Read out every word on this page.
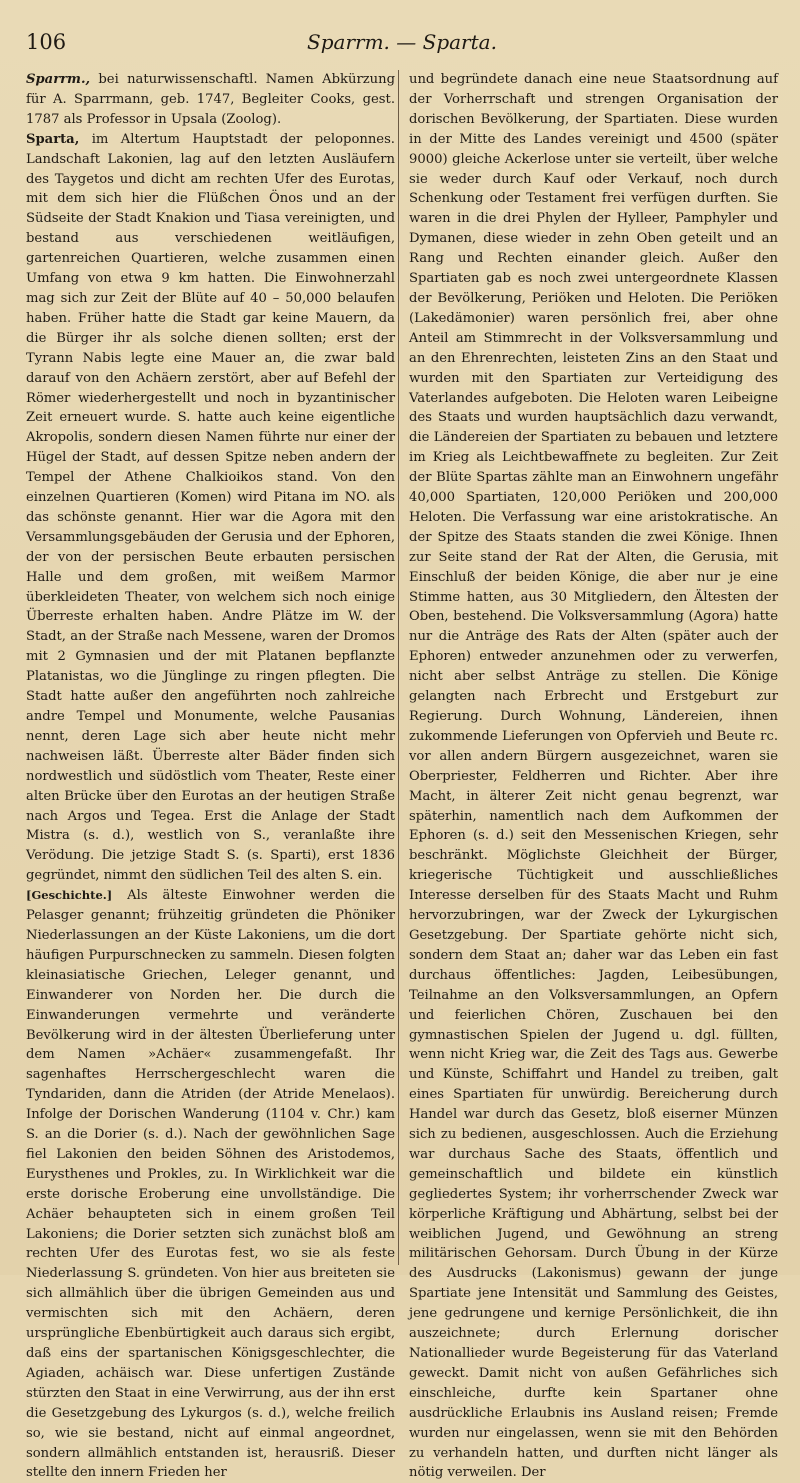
106	Sparrm. — Sparta.

Sparrm., bei naturwissenschaftl. Namen Abkürzung für A. Sparrmann, geb. 1747, Begleiter Cooks, gest. 1787 als Professor in Upsala (Zoolog).

Sparta, im Altertum Hauptstadt der peloponnes. Landschaft Lakonien, lag auf den letzten Ausläufern des Taygetos und dicht am rechten Ufer des Eurotas, mit dem sich hier die Flüßchen Önos und an der Südseite der Stadt Knakion und Tiasa vereinigten, und bestand aus verschiedenen weitläufigen, gartenreichen Quartieren, welche zusammen einen Umfang von etwa 9 km hatten. Die Einwohnerzahl mag sich zur Zeit der Blüte auf 40 – 50,000 belaufen haben. Früher hatte die Stadt gar keine Mauern, da die Bürger ihr als solche dienen sollten; erst der Tyrann Nabis legte eine Mauer an, die zwar bald darauf von den Achäern zerstört, aber auf Befehl der Römer wiederhergestellt und noch in byzantinischer Zeit erneuert wurde. S. hatte auch keine eigentliche Akropolis, sondern diesen Namen führte nur einer der Hügel der Stadt, auf dessen Spitze neben andern der Tempel der Athene Chalkioikos stand. Von den einzelnen Quartieren (Komen) wird Pitana im NO. als das schönste genannt. Hier war die Agora mit den Versammlungsgebäuden der Gerusia und der Ephoren, der von der persischen Beute erbauten persischen Halle und dem großen, mit weißem Marmor überkleideten Theater, von welchem sich noch einige Überreste erhalten haben. Andre Plätze im W. der Stadt, an der Straße nach Messene, waren der Dromos mit 2 Gymnasien und der mit Platanen bepflanzte Platanistas, wo die Jünglinge zu ringen pflegten. Die Stadt hatte außer den angeführten noch zahlreiche andre Tempel und Monumente, welche Pausanias nennt, deren Lage sich aber heute nicht mehr nachweisen läßt. Überreste alter Bäder finden sich nordwestlich und südöstlich vom Theater, Reste einer alten Brücke über den Eurotas an der heutigen Straße nach Argos und Tegea. Erst die Anlage der Stadt Mistra (s. d.), westlich von S., veranlaßte ihre Verödung. Die jetzige Stadt S. (s. Sparti), erst 1836 gegründet, nimmt den südlichen Teil des alten S. ein.

[Geschichte.] Als älteste Einwohner werden die Pelasger genannt; frühzeitig gründeten die Phöniker Niederlassungen an der Küste Lakoniens, um die dort häufigen Purpurschnecken zu sammeln. Diesen folgten kleinasiatische Griechen, Leleger genannt, und Einwanderer von Norden her. Die durch die Einwanderungen vermehrte und veränderte Bevölkerung wird in der ältesten Überlieferung unter dem Namen »Achäer« zusammengefaßt. Ihr sagenhaftes Herrschergeschlecht waren die Tyndariden, dann die Atriden (der Atride Menelaos). Infolge der Dorischen Wanderung (1104 v. Chr.) kam S. an die Dorier (s. d.). Nach der gewöhnlichen Sage fiel Lakonien den beiden Söhnen des Aristodemos, Eurysthenes und Prokles, zu. In Wirklichkeit war die erste dorische Eroberung eine unvollständige. Die Achäer behaupteten sich in einem großen Teil Lakoniens; die Dorier setzten sich zunächst bloß am rechten Ufer des Eurotas fest, wo sie als feste Niederlassung S. gründeten. Von hier aus breiteten sie sich allmählich über die übrigen Gemeinden aus und vermischten sich mit den Achäern, deren ursprüngliche Ebenbürtigkeit auch daraus sich ergibt, daß eins der spartanischen Königsgeschlechter, die Agiaden, achäisch war. Diese unfertigen Zustände stürzten den Staat in eine Verwirrung, aus der ihn erst die Gesetzgebung des Lykurgos (s. d.), welche freilich so, wie sie bestand, nicht auf einmal angeordnet, sondern allmählich entstanden ist, herausriß. Dieser stellte den innern Frieden her

und begründete danach eine neue Staatsordnung auf der Vorherrschaft und strengen Organisation der dorischen Bevölkerung, der Spartiaten. Diese wurden in der Mitte des Landes vereinigt und 4500 (später 9000) gleiche Ackerlose unter sie verteilt, über welche sie weder durch Kauf oder Verkauf, noch durch Schenkung oder Testament frei verfügen durften. Sie waren in die drei Phylen der Hylleer, Pamphyler und Dymanen, diese wieder in zehn Oben geteilt und an Rang und Rechten einander gleich. Außer den Spartiaten gab es noch zwei untergeordnete Klassen der Bevölkerung, Periöken und Heloten. Die Periöken (Lakedämonier) waren persönlich frei, aber ohne Anteil am Stimmrecht in der Volksversammlung und an den Ehrenrechten, leisteten Zins an den Staat und wurden mit den Spartiaten zur Verteidigung des Vaterlandes aufgeboten. Die Heloten waren Leibeigne des Staats und wurden hauptsächlich dazu verwandt, die Ländereien der Spartiaten zu bebauen und letztere im Krieg als Leichtbewaffnete zu begleiten. Zur Zeit der Blüte Spartas zählte man an Einwohnern ungefähr 40,000 Spartiaten, 120,000 Periöken und 200,000 Heloten. Die Verfassung war eine aristokratische. An der Spitze des Staats standen die zwei Könige. Ihnen zur Seite stand der Rat der Alten, die Gerusia, mit Einschluß der beiden Könige, die aber nur je eine Stimme hatten, aus 30 Mitgliedern, den Ältesten der Oben, bestehend. Die Volksversammlung (Agora) hatte nur die Anträge des Rats der Alten (später auch der Ephoren) entweder anzunehmen oder zu verwerfen, nicht aber selbst Anträge zu stellen. Die Könige gelangten nach Erbrecht und Erstgeburt zur Regierung. Durch Wohnung, Ländereien, ihnen zukommende Lieferungen von Opfervieh und Beute rc. vor allen andern Bürgern ausgezeichnet, waren sie Oberpriester, Feldherren und Richter. Aber ihre Macht, in älterer Zeit nicht genau begrenzt, war späterhin, namentlich nach dem Aufkommen der Ephoren (s. d.) seit den Messenischen Kriegen, sehr beschränkt. Möglichste Gleichheit der Bürger, kriegerische Tüchtigkeit und ausschließliches Interesse derselben für des Staats Macht und Ruhm hervorzubringen, war der Zweck der Lykurgischen Gesetzgebung. Der Spartiate gehörte nicht sich, sondern dem Staat an; daher war das Leben ein fast durchaus öffentliches: Jagden, Leibesübungen, Teilnahme an den Volksversammlungen, an Opfern und feierlichen Chören, Zuschauen bei den gymnastischen Spielen der Jugend u. dgl. füllten, wenn nicht Krieg war, die Zeit des Tags aus. Gewerbe und Künste, Schiffahrt und Handel zu treiben, galt eines Spartiaten für unwürdig. Bereicherung durch Handel war durch das Gesetz, bloß eiserner Münzen sich zu bedienen, ausgeschlossen. Auch die Erziehung war durchaus Sache des Staats, öffentlich und gemeinschaftlich und bildete ein künstlich gegliedertes System; ihr vorherrschender Zweck war körperliche Kräftigung und Abhärtung, selbst bei der weiblichen Jugend, und Gewöhnung an streng militärischen Gehorsam. Durch Übung in der Kürze des Ausdrucks (Lakonismus) gewann der junge Spartiate jene Intensität und Sammlung des Geistes, jene gedrungene und kernige Persönlichkeit, die ihn auszeichnete; durch Erlernung dorischer Nationallieder wurde Begeisterung für das Vaterland geweckt. Damit nicht von außen Gefährliches sich einschleiche, durfte kein Spartaner ohne ausdrückliche Erlaubnis ins Ausland reisen; Fremde wurden nur eingelassen, wenn sie mit den Behörden zu verhandeln hatten, und durften nicht länger als nötig verweilen. Der
